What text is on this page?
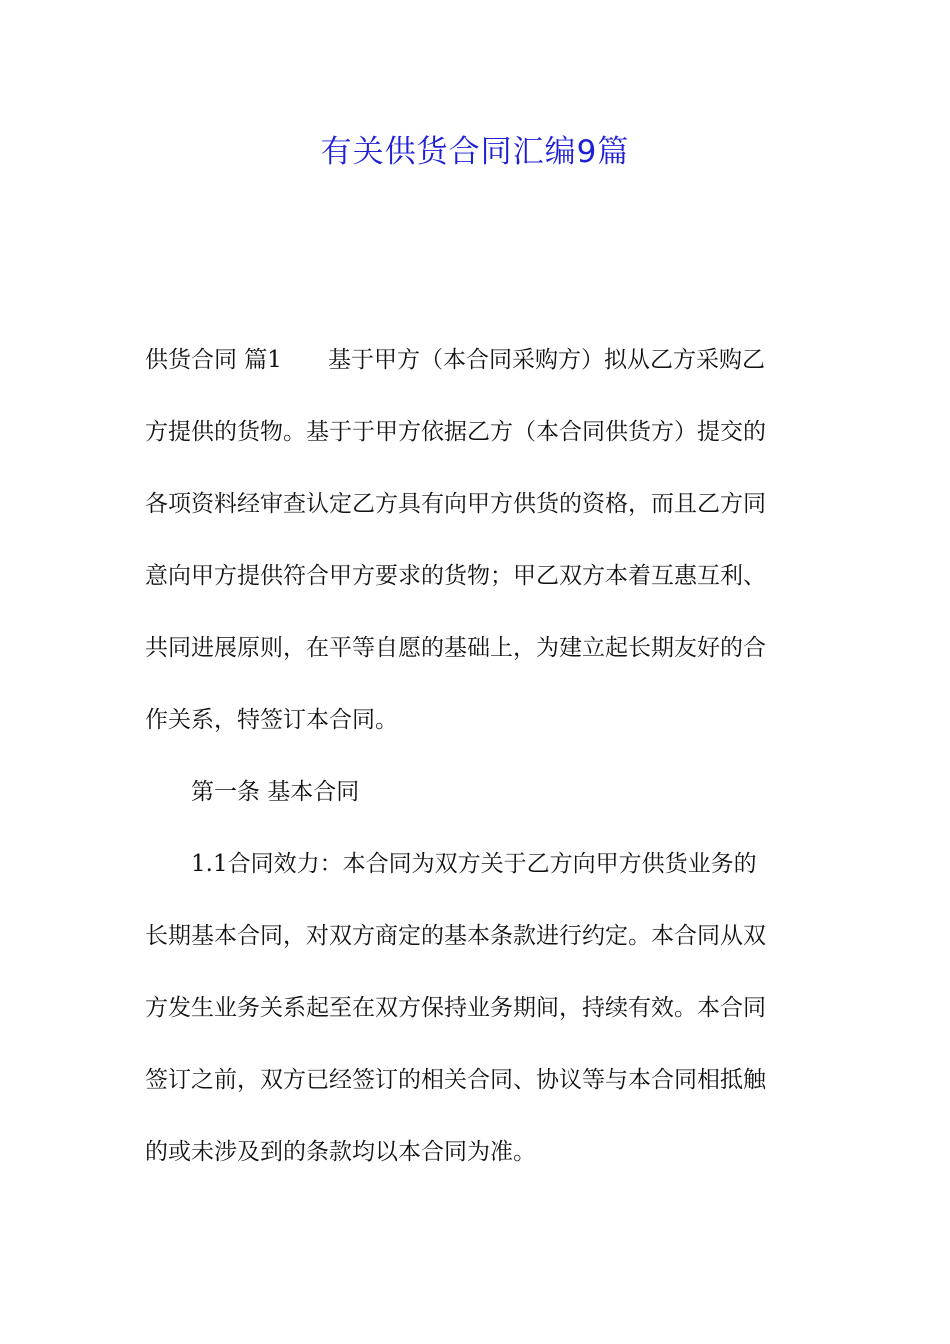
有关供货合同汇编9篇

供货合同 篇1 基于甲方（本合同采购方）拟从乙方采购乙

方提供的货物。基于于甲方依据乙方（本合同供货方）提交的

各项资料经审查认定乙方具有向甲方供货的资格，而且乙方同

意向甲方提供符合甲方要求的货物；甲乙双方本着互惠互利、

共同进展原则，在平等自愿的基础上，为建立起长期友好的合

作关系，特签订本合同。

第一条 基本合同

1.1合同效力：本合同为双方关于乙方向甲方供货业务的

长期基本合同，对双方商定的基本条款进行约定。本合同从双

方发生业务关系起至在双方保持业务期间，持续有效。本合同

签订之前，双方已经签订的相关合同、协议等与本合同相抵触

的或未涉及到的条款均以本合同为准。
